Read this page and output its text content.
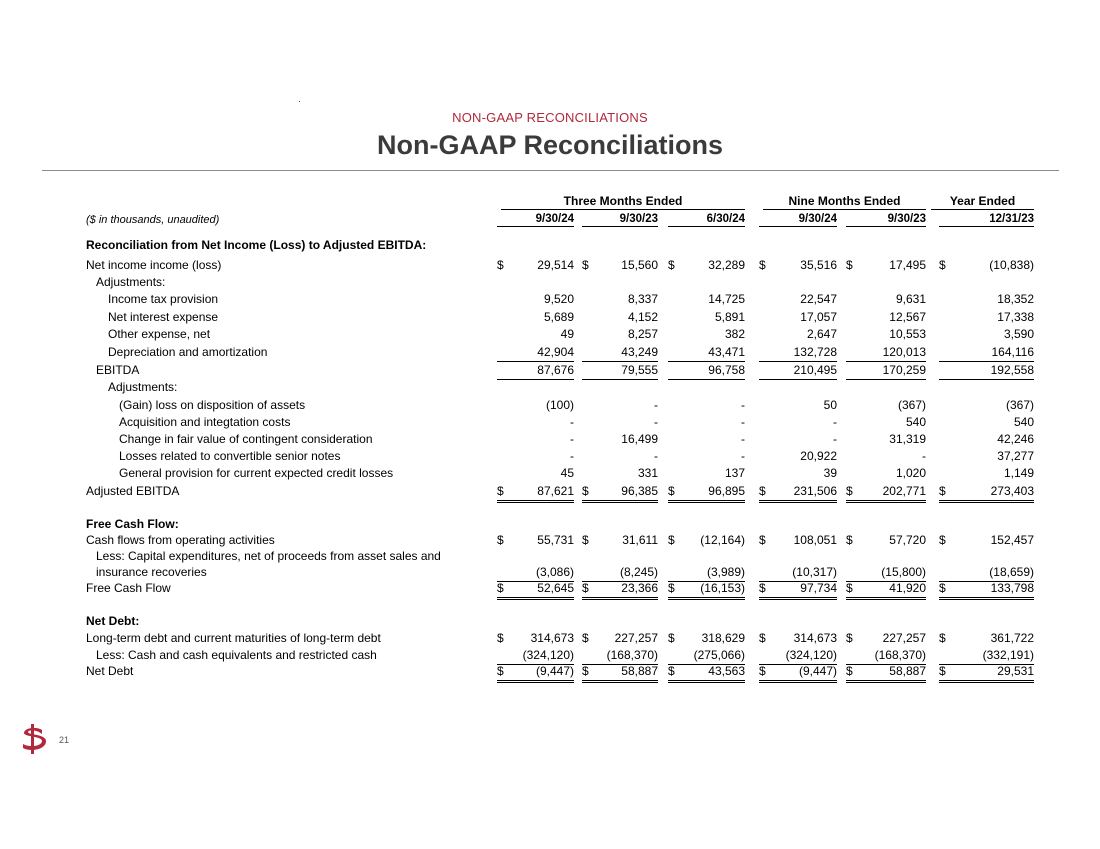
NON-GAAP RECONCILIATIONS
Non-GAAP Reconciliations
Three Months Ended	Nine Months Ended	Year Ended
($ in thousands, unaudited)	9/30/24	9/30/23	6/30/24	9/30/24	9/30/23	12/31/23
Reconciliation from Net Income (Loss) to Adjusted EBITDA:
Net income income (loss)	$	29,514 $	15,560 $	32,289 $	35,516 $	17,495 $	(10,838)
Adjustments:
Income tax provision	9,520	8,337	14,725	22,547	9,631	18,352
Net interest expense	5,689	4,152	5,891	17,057	12,567	17,338
Other expense, net	49	8,257	382	2,647	10,553	3,590
Depreciation and amortization	42,904	43,249	43,471	132,728	120,013	164,116
EBITDA	87,676	79,555	96,758	210,495	170,259	192,558
Adjustments:
(Gain) loss on disposition of assets	(100)	-	-	50	(367)	(367)
Acquisition and integtation costs	-	-	-	-	540	540
Change in fair value of contingent consideration	-	16,499	-	-	31,319	42,246
Losses related to convertible senior notes	-	-	-	20,922	-	37,277
General provision for current expected credit losses	45	331	137	39	1,020	1,149
Adjusted EBITDA	$	87,621 $	96,385 $	96,895 $ 231,506 $ 202,771 $	273,403
Free Cash Flow:
Cash flows from operating activities	$	55,731 $	31,611 $ (12,164) $ 108,051 $	57,720 $	152,457
Less: Capital expenditures, net of proceeds from asset sales and
insurance recoveries	(3,086)	(8,245)	(3,989)	(10,317)	(15,800)	(18,659)
Free Cash Flow	$	52,645 $	23,366 $ (16,153) $	97,734 $	41,920 $	133,798
Net Debt:
Long-term debt and current maturities of long-term debt	$ 314,673 $ 227,257 $ 318,629 $ 314,673 $ 227,257 $	361,722
Less: Cash and cash equivalents and restricted cash	(324,120)	(168,370)	(275,066)	(324,120)	(168,370)	(332,191)
Net Debt	$	(9,447) $	58,887 $	43,563 $	(9,447) $	58,887 $	29,531
21
